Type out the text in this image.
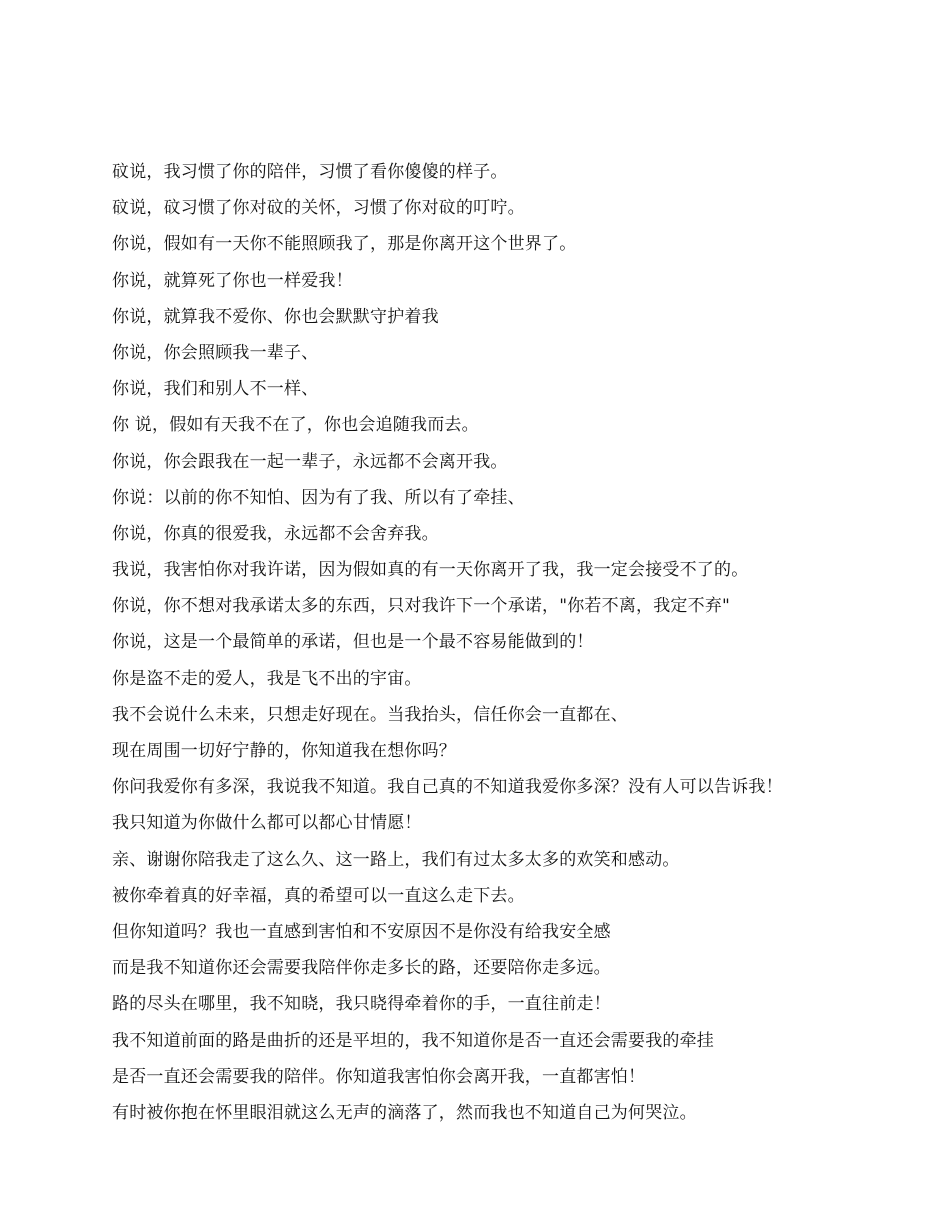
砇说，我习惯了你的陪伴，习惯了看你傻傻的样子。
砇说，砇习惯了你对砇的关怀，习惯了你对砇的叮咛。
你说，假如有一天你不能照顾我了，那是你离开这个世界了。
你说，就算死了你也一样爱我！
你说，就算我不爱你、你也会默默守护着我
你说，你会照顾我一辈子、
你说，我们和别人不一样、
你 说，假如有天我不在了，你也会追随我而去。
你说，你会跟我在一起一辈子，永远都不会离开我。
你说：以前的你不知怕、因为有了我、所以有了牵挂、
你说，你真的很爱我，永远都不会舍弃我。
我说，我害怕你对我许诺，因为假如真的有一天你离开了我，我一定会接受不了的。
你说，你不想对我承诺太多的东西，只对我许下一个承诺，"你若不离，我定不弃"
你说，这是一个最简单的承诺，但也是一个最不容易能做到的！
你是盗不走的爱人，我是飞不出的宇宙。
我不会说什么未来，只想走好现在。当我抬头，信任你会一直都在、
现在周围一切好宁静的，你知道我在想你吗？
你问我爱你有多深，我说我不知道。我自己真的不知道我爱你多深？没有人可以告诉我！
我只知道为你做什么都可以都心甘情愿！
亲、谢谢你陪我走了这么久、这一路上，我们有过太多太多的欢笑和感动。
被你牵着真的好幸福，真的希望可以一直这么走下去。
但你知道吗？我也一直感到害怕和不安原因不是你没有给我安全感
而是我不知道你还会需要我陪伴你走多长的路，还要陪你走多远。
路的尽头在哪里，我不知晓，我只晓得牵着你的手，一直往前走！
我不知道前面的路是曲折的还是平坦的，我不知道你是否一直还会需要我的牵挂
是否一直还会需要我的陪伴。你知道我害怕你会离开我，一直都害怕！
有时被你抱在怀里眼泪就这么无声的滴落了，然而我也不知道自己为何哭泣。
